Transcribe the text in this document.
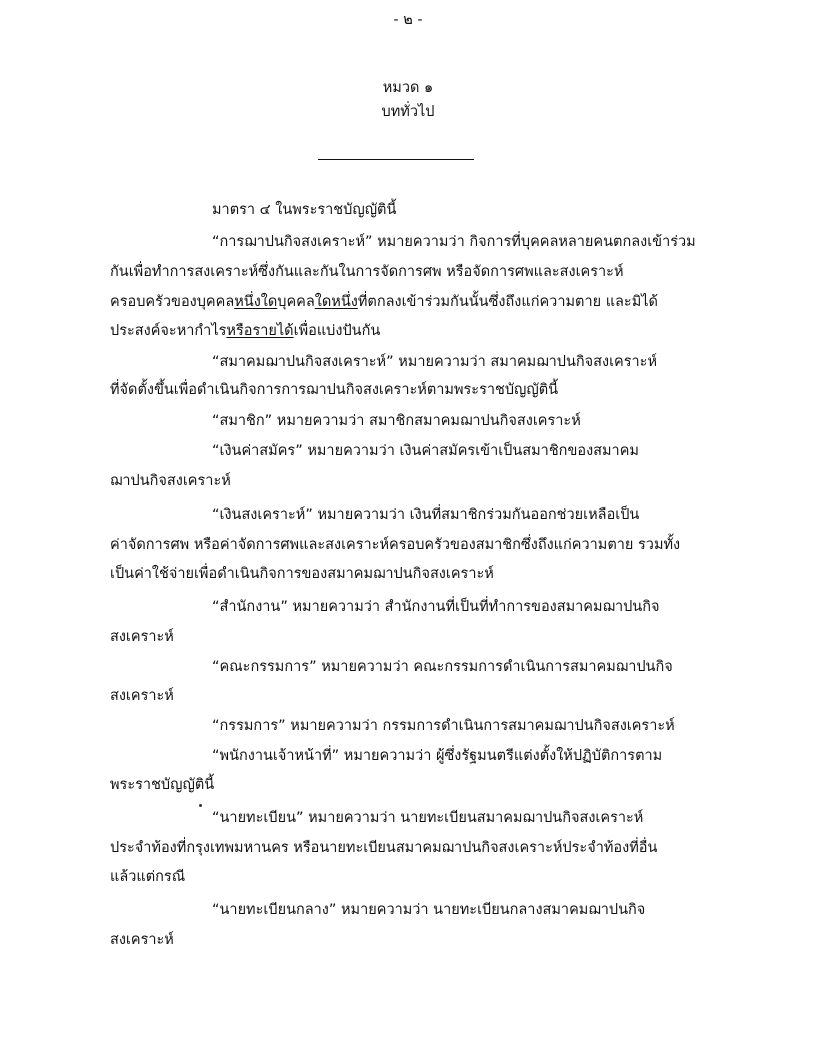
- ๒ -
หมวด ๑
บททั่วไป
มาตรา ๔ ในพระราชบัญญัตินี้
“การฌาปนกิจสงเคราะห์” หมายความว่า กิจการที่บุคคลหลายคนตกลงเข้าร่วม
กันเพื่อทำการสงเคราะห์ซึ่งกันและกันในการจัดการศพ หรือจัดการศพและสงเคราะห์
ครอบครัวของบุคคลหนึ่งใดบุคคลใดหนึ่งที่ตกลงเข้าร่วมกันนั้นซึ่งถึงแก่ความตาย และมิได้
ประสงค์จะหากำไรหรือรายได้เพื่อแบ่งปันกัน
“สมาคมฌาปนกิจสงเคราะห์” หมายความว่า สมาคมฌาปนกิจสงเคราะห์
ที่จัดตั้งขึ้นเพื่อดำเนินกิจการการฌาปนกิจสงเคราะห์ตามพระราชบัญญัตินี้
“สมาชิก” หมายความว่า สมาชิกสมาคมฌาปนกิจสงเคราะห์
“เงินค่าสมัคร” หมายความว่า เงินค่าสมัครเข้าเป็นสมาชิกของสมาคม
ฌาปนกิจสงเคราะห์
“เงินสงเคราะห์” หมายความว่า เงินที่สมาชิกร่วมกันออกช่วยเหลือเป็น
ค่าจัดการศพ หรือค่าจัดการศพและสงเคราะห์ครอบครัวของสมาชิกซึ่งถึงแก่ความตาย รวมทั้ง
เป็นค่าใช้จ่ายเพื่อดำเนินกิจการของสมาคมฌาปนกิจสงเคราะห์
“สำนักงาน” หมายความว่า สำนักงานที่เป็นที่ทำการของสมาคมฌาปนกิจ
สงเคราะห์
“คณะกรรมการ” หมายความว่า คณะกรรมการดำเนินการสมาคมฌาปนกิจ
สงเคราะห์
“กรรมการ” หมายความว่า กรรมการดำเนินการสมาคมฌาปนกิจสงเคราะห์
“พนักงานเจ้าหน้าที่” หมายความว่า ผู้ซึ่งรัฐมนตรีแต่งตั้งให้ปฏิบัติการตาม
พระราชบัญญัตินี้
“นายทะเบียน” หมายความว่า นายทะเบียนสมาคมฌาปนกิจสงเคราะห์
ประจำท้องที่กรุงเทพมหานคร หรือนายทะเบียนสมาคมฌาปนกิจสงเคราะห์ประจำท้องที่อื่น
แล้วแต่กรณี
“นายทะเบียนกลาง” หมายความว่า นายทะเบียนกลางสมาคมฌาปนกิจ
สงเคราะห์
